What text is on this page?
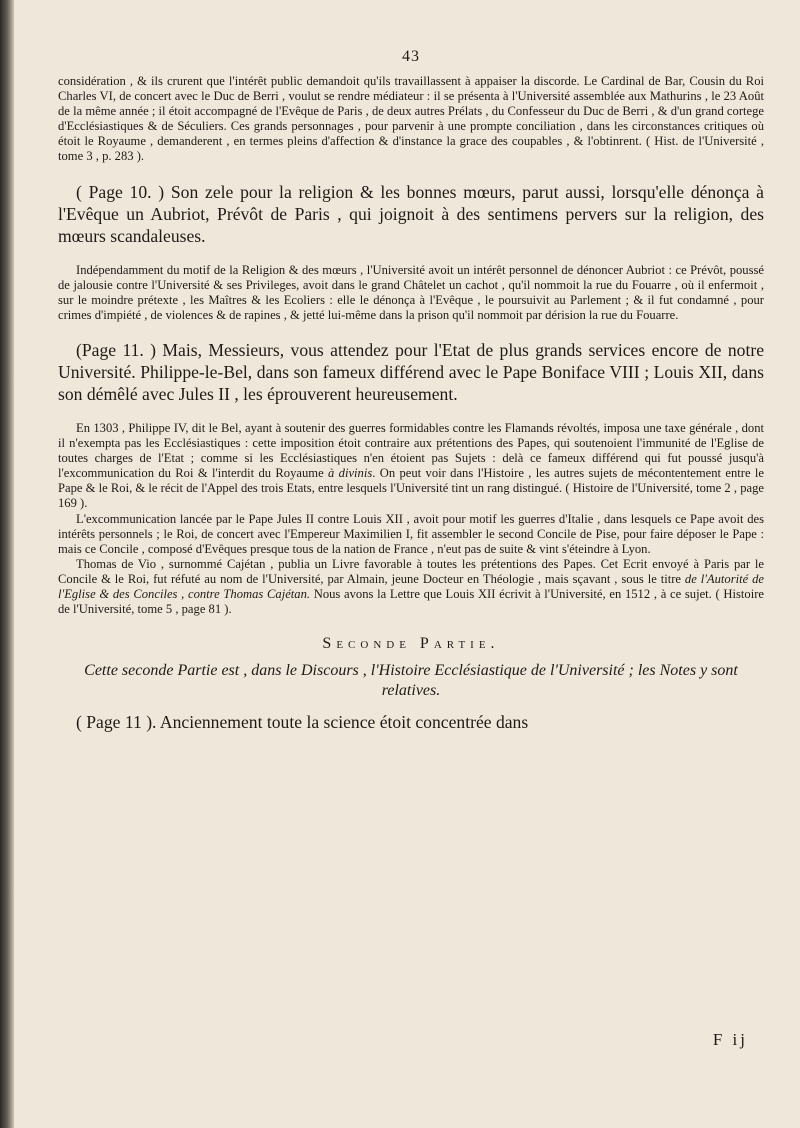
43

considération , & ils crurent que l'intérêt public demandoit qu'ils travaillassent à appaiser la discorde. Le Cardinal de Bar, Cousin du Roi Charles VI, de concert avec le Duc de Berri , voulut se rendre médiateur : il se présenta à l'Université assemblée aux Mathurins , le 23 Août de la même année ; il étoit accompagné de l'Evêque de Paris , de deux autres Prélats , du Confesseur du Duc de Berri , & d'un grand cortege d'Ecclésiastiques & de Séculiers. Ces grands personnages , pour parvenir à une prompte conciliation , dans les circonstances critiques où étoit le Royaume , demanderent , en termes pleins d'affection & d'instance la grace des coupables , & l'obtinrent. ( Hist. de l'Université , tome 3 , p. 283 ).

( Page 10. ) Son zele pour la religion & les bonnes mœurs, parut aussi, lorsqu'elle dénonça à l'Evêque un Aubriot, Prévôt de Paris , qui joignoit à des sentimens pervers sur la religion, des mœurs scandaleuses.

Indépendamment du motif de la Religion & des mœurs , l'Université avoit un intérêt personnel de dénoncer Aubriot : ce Prévôt, poussé de jalousie contre l'Université & ses Privileges, avoit dans le grand Châtelet un cachot , qu'il nommoit la rue du Fouarre , où il enfermoit , sur le moindre prétexte , les Maîtres & les Ecoliers : elle le dénonça à l'Evêque , le poursuivit au Parlement ; & il fut condamné , pour crimes d'impiété , de violences & de rapines , & jetté lui-même dans la prison qu'il nommoit par dérision la rue du Fouarre.

(Page 11. ) Mais, Messieurs, vous attendez pour l'Etat de plus grands services encore de notre Université. Philippe-le-Bel, dans son fameux différend avec le Pape Boniface VIII ; Louis XII, dans son démêlé avec Jules II , les éprouverent heureusement.

En 1303 , Philippe IV, dit le Bel, ayant à soutenir des guerres formidables contre les Flamands révoltés, imposa une taxe générale , dont il n'exempta pas les Ecclésiastiques : cette imposition étoit contraire aux prétentions des Papes, qui soutenoient l'immunité de l'Eglise de toutes charges de l'Etat ; comme si les Ecclésiastiques n'en étoient pas Sujets : delà ce fameux différend qui fut poussé jusqu'à l'excommunication du Roi & l'interdit du Royaume à divinis. On peut voir dans l'Histoire , les autres sujets de mécontentement entre le Pape & le Roi, & le récit de l'Appel des trois Etats, entre lesquels l'Université tint un rang distingué. ( Histoire de l'Université, tome 2 , page 169 ).

L'excommunication lancée par le Pape Jules II contre Louis XII , avoit pour motif les guerres d'Italie , dans lesquels ce Pape avoit des intérêts personnels ; le Roi, de concert avec l'Empereur Maximilien I, fit assembler le second Concile de Pise, pour faire déposer le Pape : mais ce Concile , composé d'Evêques presque tous de la nation de France , n'eut pas de suite & vint s'éteindre à Lyon.

Thomas de Vio , surnommé Cajétan , publia un Livre favorable à toutes les prétentions des Papes. Cet Ecrit envoyé à Paris par le Concile & le Roi, fut réfuté au nom de l'Université, par Almain, jeune Docteur en Théologie , mais sçavant , sous le titre de l'Autorité de l'Eglise & des Conciles , contre Thomas Cajétan. Nous avons la Lettre que Louis XII écrivit à l'Université, en 1512 , à ce sujet. ( Histoire de l'Université, tome 5 , page 81 ).

Seconde Partie.
Cette seconde Partie est , dans le Discours , l'Histoire Ecclésiastique de l'Université ; les Notes y sont relatives.

( Page 11 ). Anciennement toute la science étoit concentrée dans

F ij
